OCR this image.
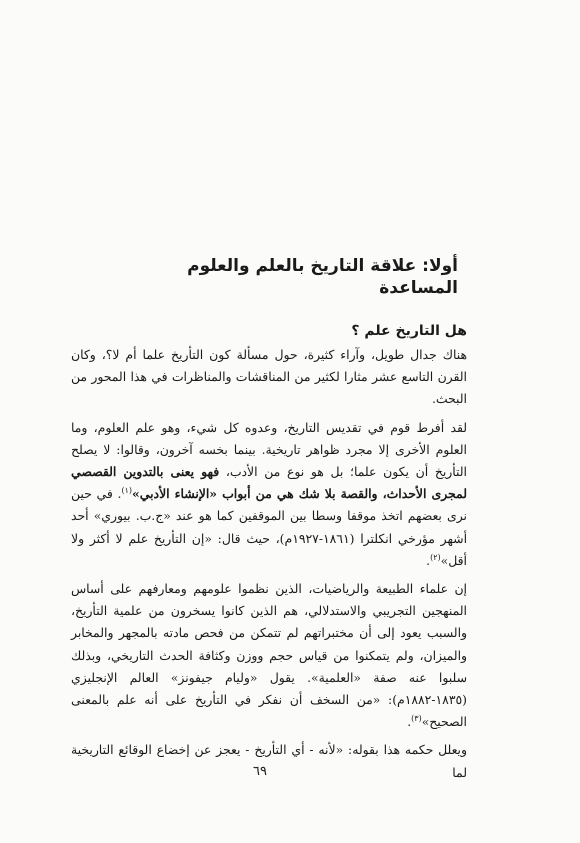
أولا: علاقة التاريخ بالعلم والعلوم المساعدة
هل التاريخ علم ؟

هناك جدال طويل، وآراء كثيرة، حول مسألة كون التأريخ علما أم لا؟، وكان القرن التاسع عشر مثارا لكثير من المناقشات والمناظرات في هذا المحور من البحث.

لقد أفرط قوم في تقديس التاريخ، وعدوه كل شيء، وهو علم العلوم، وما العلوم الأخرى إلا مجرد ظواهر تاريخية. بينما بخسه آخرون، وقالوا: لا يصلح التأريخ أن يكون علما؛ بل هو نوع من الأدب، فهو يعنى بالتدوين القصصي لمجرى الأحداث، والقصة بلا شك هي من أبواب «الإنشاء الأدبي»$^{(١)}$. في حين نرى بعضهم اتخذ موقفا وسطا بين الموقفين كما هو عند «ج.ب. بيوري» أحد أشهر مؤرخي انكلترا (١٨٦١-١٩٢٧م)، حيث قال: «إن التأريخ علم لا أكثر ولا أقل»$^{(٢)}$.

إن علماء الطبيعة والرياضيات، الذين نظموا علومهم ومعارفهم على أساس المنهجين التجريبي والاستدلالي، هم الذين كانوا يسخرون من علمية التأريخ، والسبب يعود إلى أن مختبراتهم لم تتمكن من فحص مادته بالمجهر والمخابر والميزان، ولم يتمكنوا من قياس حجم ووزن وكثافة الحدث التاريخي، وبذلك سلبوا عنه صفة «العلمية». يقول «وليام جيفونز» العالم الإنجليزي (١٨٣٥-١٨٨٢م): «من السخف أن نفكر في التأريخ على أنه علم بالمعنى الصحيح»$^{(٣)}$.

ويعلل حكمه هذا بقوله: «لأنه - أي التأريخ - يعجز عن إخضاع الوقائع التاريخية لما

٦٩
